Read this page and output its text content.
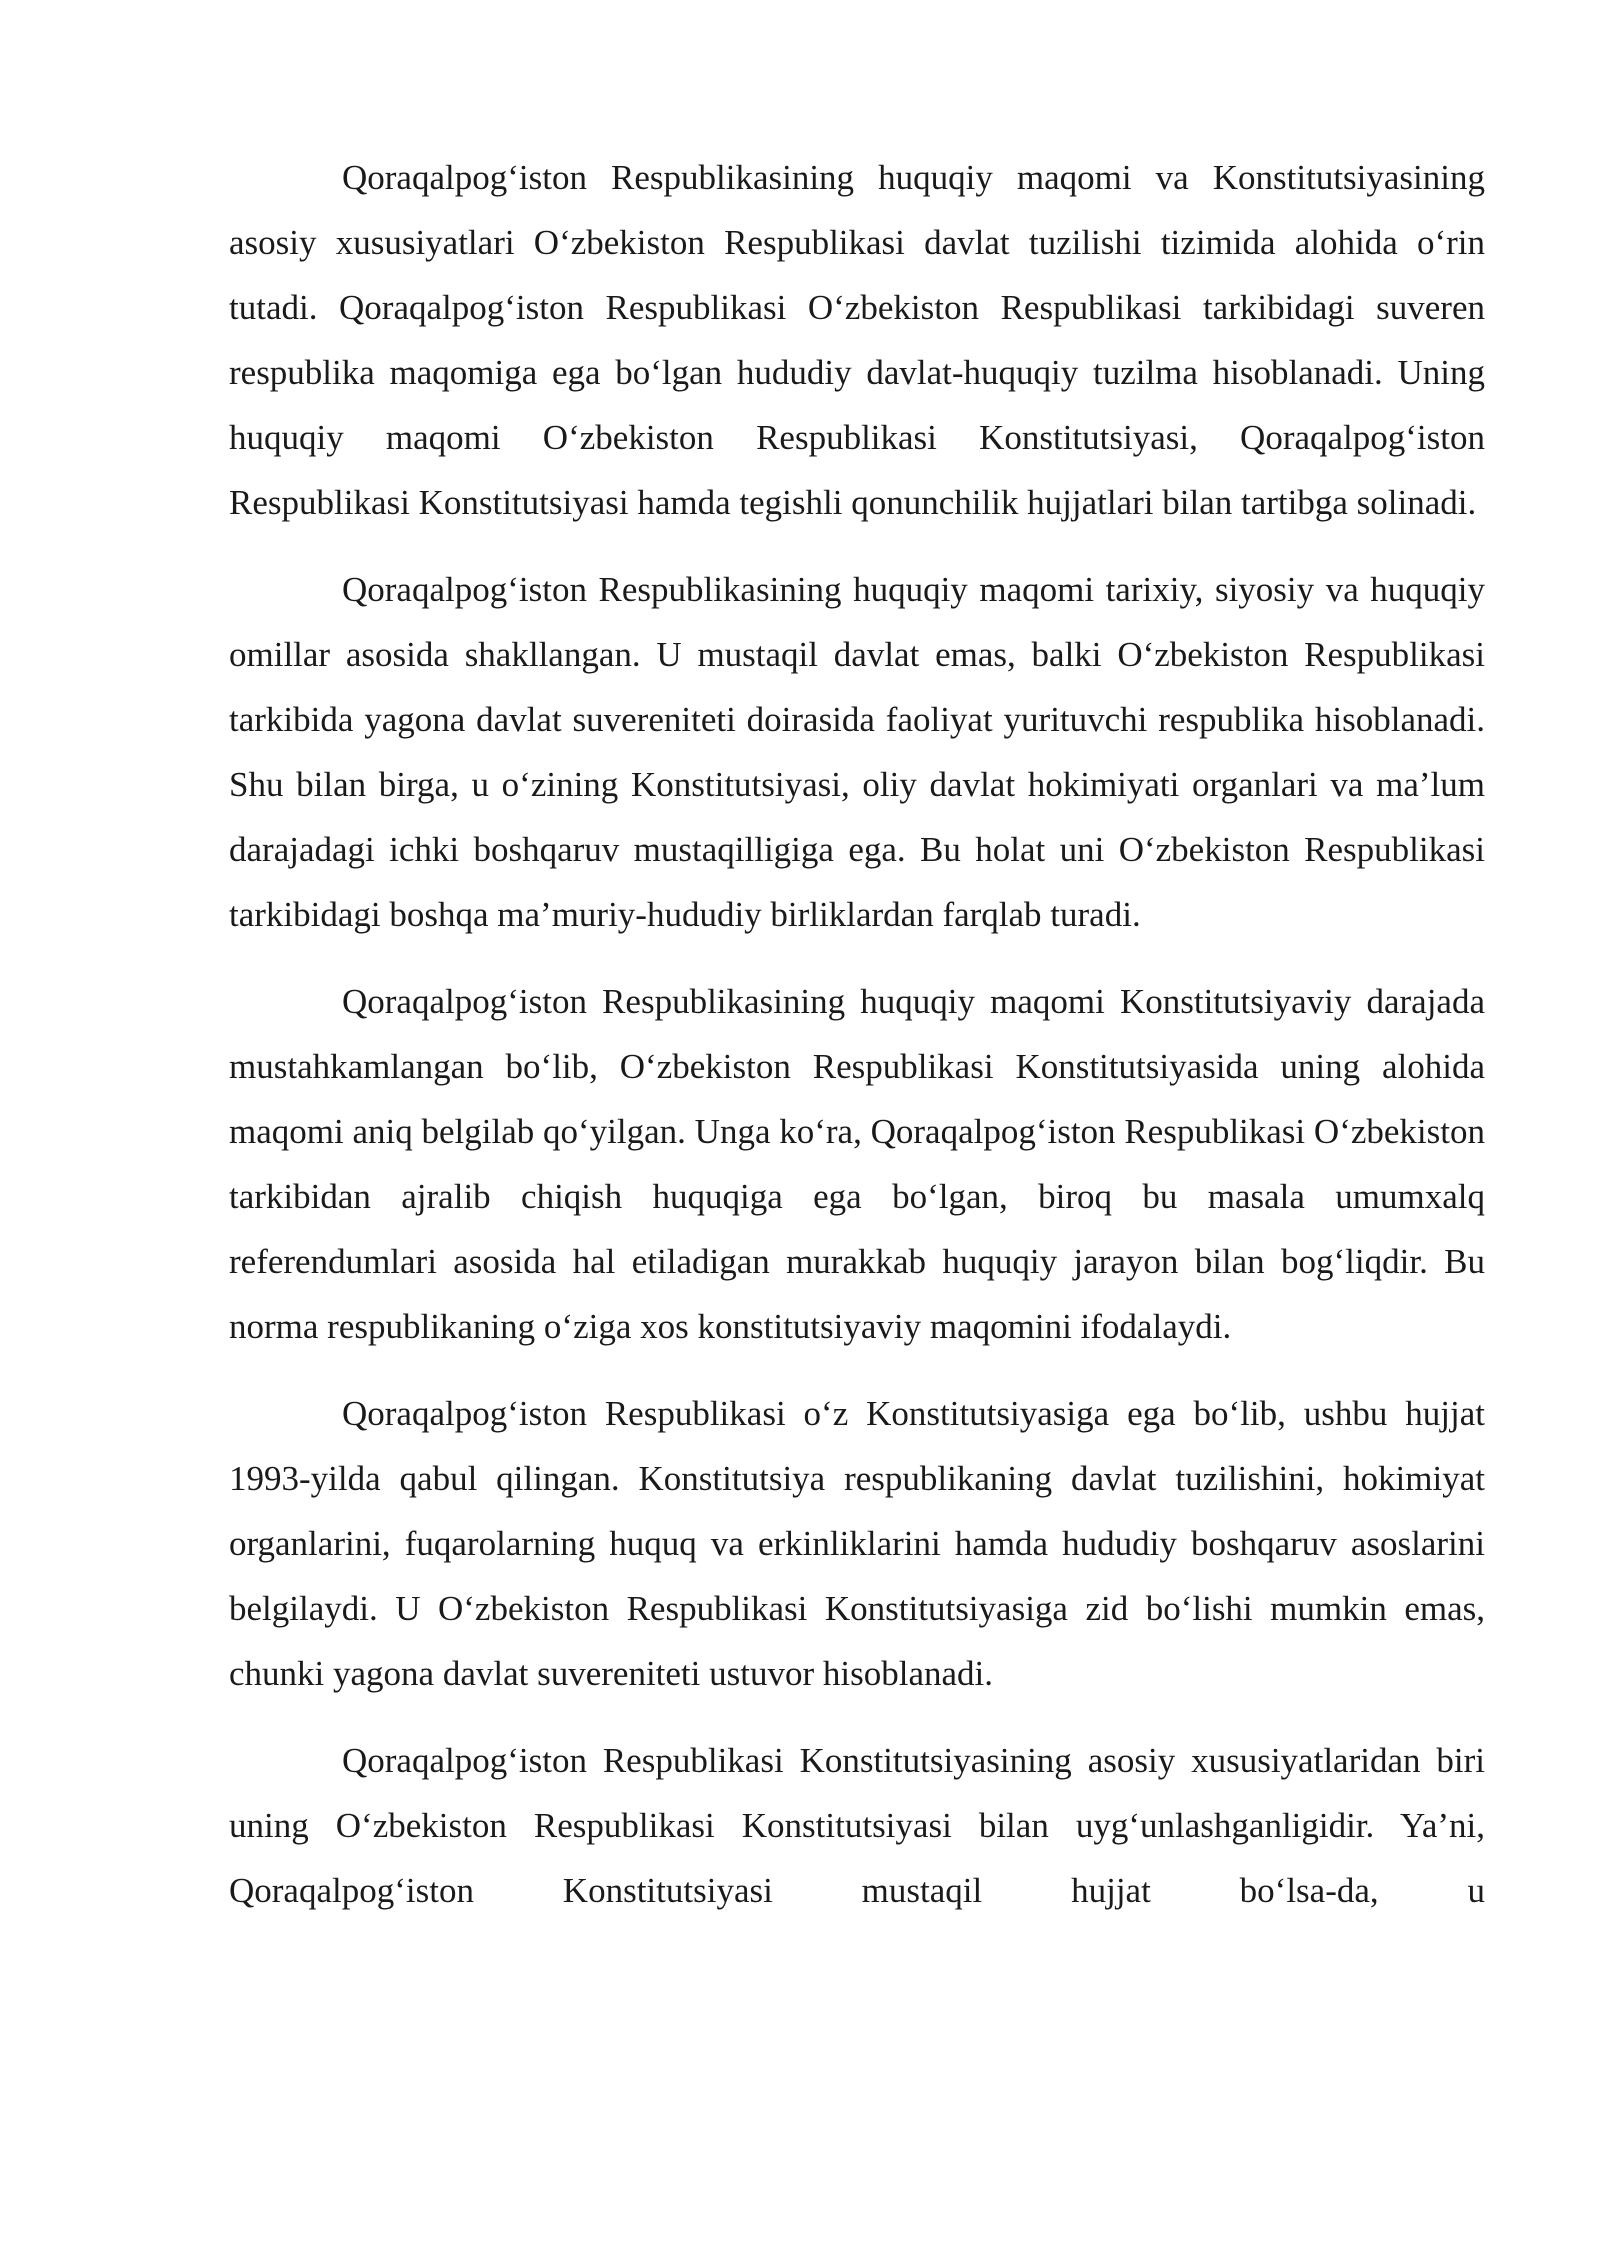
Qoraqalpog‘iston Respublikasining huquqiy maqomi va Konstitutsiyasining asosiy xususiyatlari O‘zbekiston Respublikasi davlat tuzilishi tizimida alohida o‘rin tutadi. Qoraqalpog‘iston Respublikasi O‘zbekiston Respublikasi tarkibidagi suveren respublika maqomiga ega bo‘lgan hududiy davlat-huquqiy tuzilma hisoblanadi. Uning huquqiy maqomi O‘zbekiston Respublikasi Konstitutsiyasi, Qoraqalpog‘iston Respublikasi Konstitutsiyasi hamda tegishli qonunchilik hujjatlari bilan tartibga solinadi.

Qoraqalpog‘iston Respublikasining huquqiy maqomi tarixiy, siyosiy va huquqiy omillar asosida shakllangan. U mustaqil davlat emas, balki O‘zbekiston Respublikasi tarkibida yagona davlat suvereniteti doirasida faoliyat yurituvchi respublika hisoblanadi. Shu bilan birga, u o‘zining Konstitutsiyasi, oliy davlat hokimiyati organlari va ma’lum darajadagi ichki boshqaruv mustaqilligiga ega. Bu holat uni O‘zbekiston Respublikasi tarkibidagi boshqa ma’muriy-hududiy birliklardan farqlab turadi.

Qoraqalpog‘iston Respublikasining huquqiy maqomi Konstitutsiyaviy darajada mustahkamlangan bo‘lib, O‘zbekiston Respublikasi Konstitutsiyasida uning alohida maqomi aniq belgilab qo‘yilgan. Unga ko‘ra, Qoraqalpog‘iston Respublikasi O‘zbekiston tarkibidan ajralib chiqish huquqiga ega bo‘lgan, biroq bu masala umumxalq referendumlari asosida hal etiladigan murakkab huquqiy jarayon bilan bog‘liqdir. Bu norma respublikaning o‘ziga xos konstitutsiyaviy maqomini ifodalaydi.

Qoraqalpog‘iston Respublikasi o‘z Konstitutsiyasiga ega bo‘lib, ushbu hujjat 1993-yilda qabul qilingan. Konstitutsiya respublikaning davlat tuzilishini, hokimiyat organlarini, fuqarolarning huquq va erkinliklarini hamda hududiy boshqaruv asoslarini belgilaydi. U O‘zbekiston Respublikasi Konstitutsiyasiga zid bo‘lishi mumkin emas, chunki yagona davlat suvereniteti ustuvor hisoblanadi.

Qoraqalpog‘iston Respublikasi Konstitutsiyasining asosiy xususiyatlaridan biri uning O‘zbekiston Respublikasi Konstitutsiyasi bilan uyg‘unlashganligidir. Ya’ni, Qoraqalpog‘iston Konstitutsiyasi mustaqil hujjat bo‘lsa-da, u
